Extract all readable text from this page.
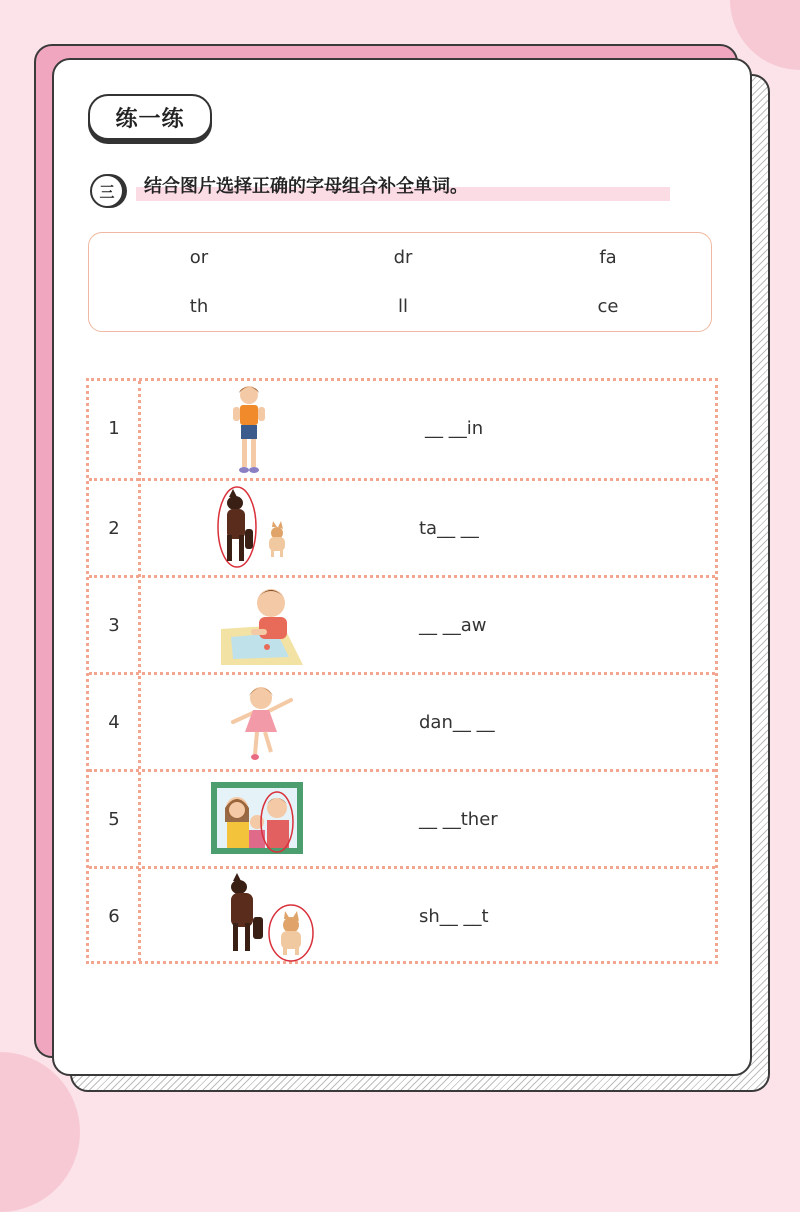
练一练
三	结合图片选择正确的字母组合补全单词。
or	dr	fa
th	ll	ce
1	__ __in
2	ta__ __
3	__ __aw
4	dan__ __
5	__ __ther
6	sh__ __t
